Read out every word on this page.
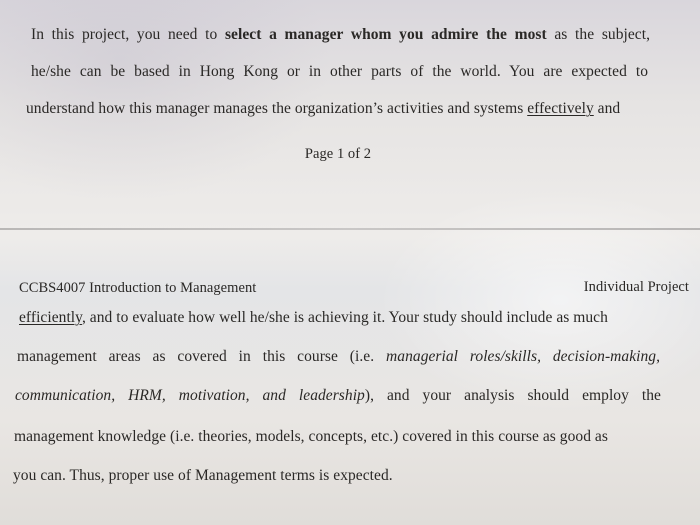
In this project, you need to select a manager whom you admire the most as the subject,
he/she can be based in Hong Kong or in other parts of the world. You are expected to
understand how this manager manages the organization’s activities and systems effectively and
Page 1 of 2
CCBS4007 Introduction to Management	Individual Project
efficiently, and to evaluate how well he/she is achieving it. Your study should include as much
management areas as covered in this course (i.e. managerial roles/skills, decision-making,
communication, HRM, motivation, and leadership), and your analysis should employ the
management knowledge (i.e. theories, models, concepts, etc.) covered in this course as good as
you can. Thus, proper use of Management terms is expected.
